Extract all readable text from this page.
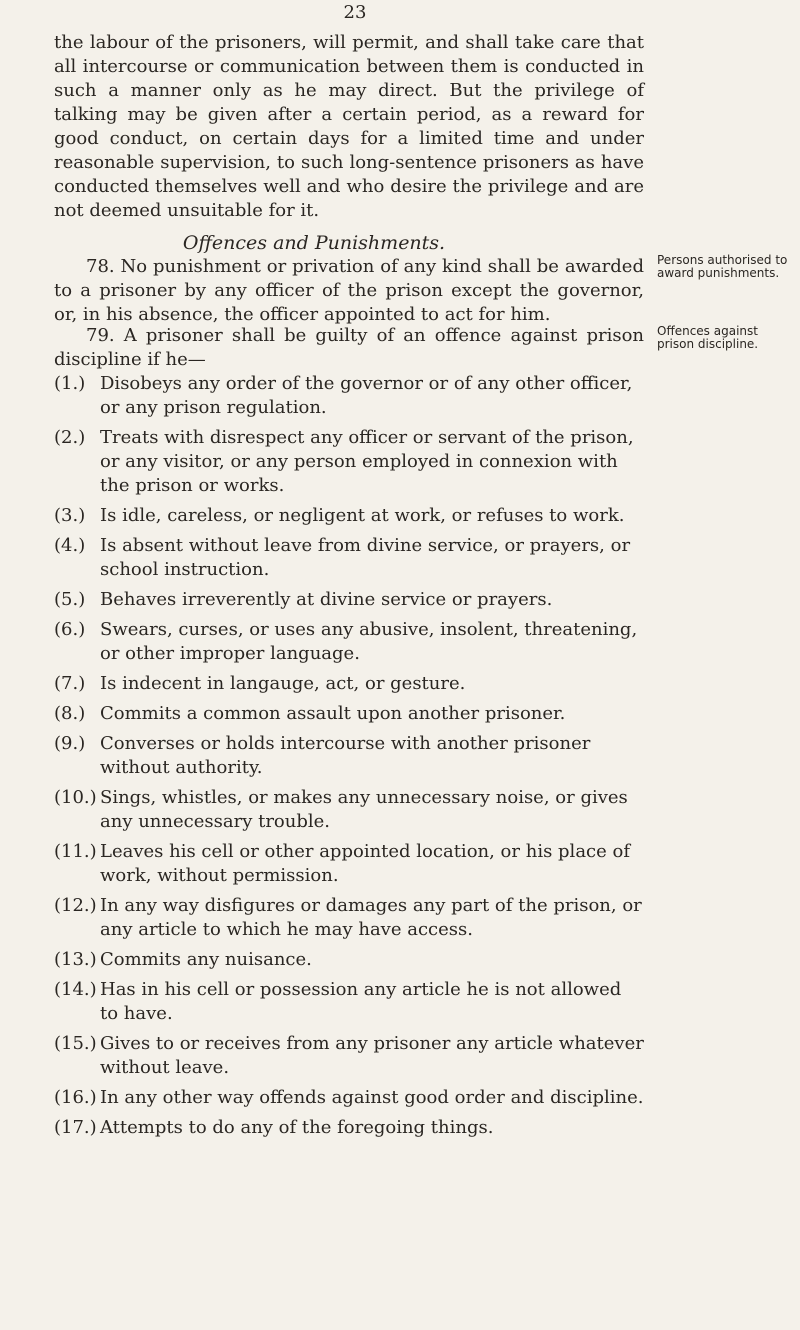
23
the labour of the prisoners, will permit, and shall take care that all intercourse or communication between them is conducted in such a manner only as he may direct. But the privilege of talking may be given after a certain period, as a reward for good conduct, on certain days for a limited time and under reasonable supervision, to such long-sentence prisoners as have conducted themselves well and who desire the privilege and are not deemed unsuitable for it.
Offences and Punishments.
78. No punishment or privation of any kind shall be awarded to a prisoner by any officer of the prison except the governor, or, in his absence, the officer appointed to act for him.
Persons authorised to award punishments.
79. A prisoner shall be guilty of an offence against prison discipline if he—
Offences against prison discipline.
(1.) Disobeys any order of the governor or of any other officer, or any prison regulation.
(2.) Treats with disrespect any officer or servant of the prison, or any visitor, or any person employed in connexion with the prison or works.
(3.) Is idle, careless, or negligent at work, or refuses to work.
(4.) Is absent without leave from divine service, or prayers, or school instruction.
(5.) Behaves irreverently at divine service or prayers.
(6.) Swears, curses, or uses any abusive, insolent, threatening, or other improper language.
(7.) Is indecent in langauge, act, or gesture.
(8.) Commits a common assault upon another prisoner.
(9.) Converses or holds intercourse with another prisoner without authority.
(10.) Sings, whistles, or makes any unnecessary noise, or gives any unnecessary trouble.
(11.) Leaves his cell or other appointed location, or his place of work, without permission.
(12.) In any way disfigures or damages any part of the prison, or any article to which he may have access.
(13.) Commits any nuisance.
(14.) Has in his cell or possession any article he is not allowed to have.
(15.) Gives to or receives from any prisoner any article whatever without leave.
(16.) In any other way offends against good order and discipline.
(17.) Attempts to do any of the foregoing things.
